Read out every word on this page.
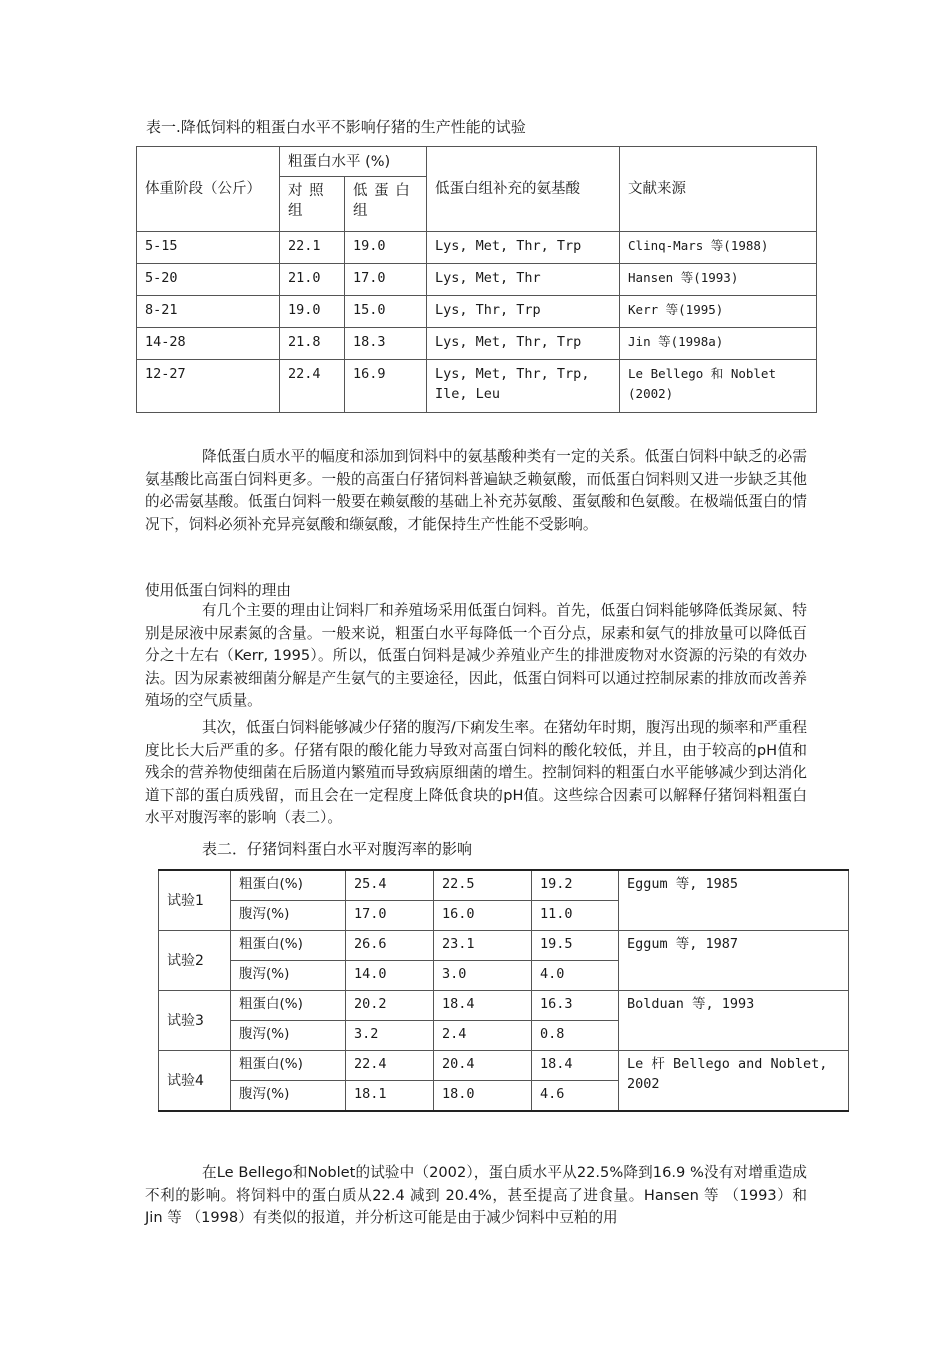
表一.降低饲料的粗蛋白水平不影响仔猪的生产性能的试验
体重阶段（公斤）	粗蛋白水平 (%)		低蛋白组补充的氨基酸	文献来源
	对 照 组	低 蛋 白 组		
5-15	22.1	19.0	Lys, Met, Thr, Trp	Clinq-Mars 等(1988)
5-20	21.0	17.0	Lys, Met, Thr	Hansen 等(1993)
8-21	19.0	15.0	Lys, Thr, Trp	Kerr 等(1995)
14-28	21.8	18.3	Lys, Met, Thr, Trp	Jin 等(1998a)
12-27	22.4	16.9	Lys, Met, Thr, Trp, Ile, Leu	Le Bellego 和 Noblet (2002)
降低蛋白质水平的幅度和添加到饲料中的氨基酸种类有一定的关系。低蛋白饲料中缺乏的必需氨基酸比高蛋白饲料更多。一般的高蛋白仔猪饲料普遍缺乏赖氨酸，而低蛋白饲料则又进一步缺乏其他的必需氨基酸。低蛋白饲料一般要在赖氨酸的基础上补充苏氨酸、蛋氨酸和色氨酸。在极端低蛋白的情况下，饲料必须补充异亮氨酸和缬氨酸，才能保持生产性能不受影响。
使用低蛋白饲料的理由
有几个主要的理由让饲料厂和养殖场采用低蛋白饲料。首先，低蛋白饲料能够降低粪尿氮、特别是尿液中尿素氮的含量。一般来说，粗蛋白水平每降低一个百分点，尿素和氨气的排放量可以降低百分之十左右（Kerr, 1995）。所以，低蛋白饲料是减少养殖业产生的排泄废物对水资源的污染的有效办法。因为尿素被细菌分解是产生氨气的主要途径，因此，低蛋白饲料可以通过控制尿素的排放而改善养殖场的空气质量。
其次，低蛋白饲料能够减少仔猪的腹泻/下痢发生率。在猪幼年时期，腹泻出现的频率和严重程度比长大后严重的多。仔猪有限的酸化能力导致对高蛋白饲料的酸化较低，并且，由于较高的pH值和残余的营养物使细菌在后肠道内繁殖而导致病原细菌的增生。控制饲料的粗蛋白水平能够减少到达消化道下部的蛋白质残留，而且会在一定程度上降低食块的pH值。这些综合因素可以解释仔猪饲料粗蛋白水平对腹泻率的影响（表二）。
表二．仔猪饲料蛋白水平对腹泻率的影响
试验1	粗蛋白(%)	25.4	22.5	19.2	Eggum 等, 1985
	腹泻(%)	17.0	16.0	11.0	
试验2	粗蛋白(%)	26.6	23.1	19.5	Eggum 等, 1987
	腹泻(%)	14.0	3.0	4.0	
试验3	粗蛋白(%)	20.2	18.4	16.3	Bolduan 等, 1993
	腹泻(%)	3.2	2.4	0.8	
试验4	粗蛋白(%)	22.4	20.4	18.4	Le 杆 Bellego and Noblet, 2002
	腹泻(%)	18.1	18.0	4.6	
在Le Bellego和Noblet的试验中（2002），蛋白质水平从22.5%降到16.9 %没有对增重造成不利的影响。将饲料中的蛋白质从22.4 减到 20.4%，甚至提高了进食量。Hansen 等 （1993）和 Jin 等 （1998）有类似的报道，并分析这可能是由于减少饲料中豆粕的用
